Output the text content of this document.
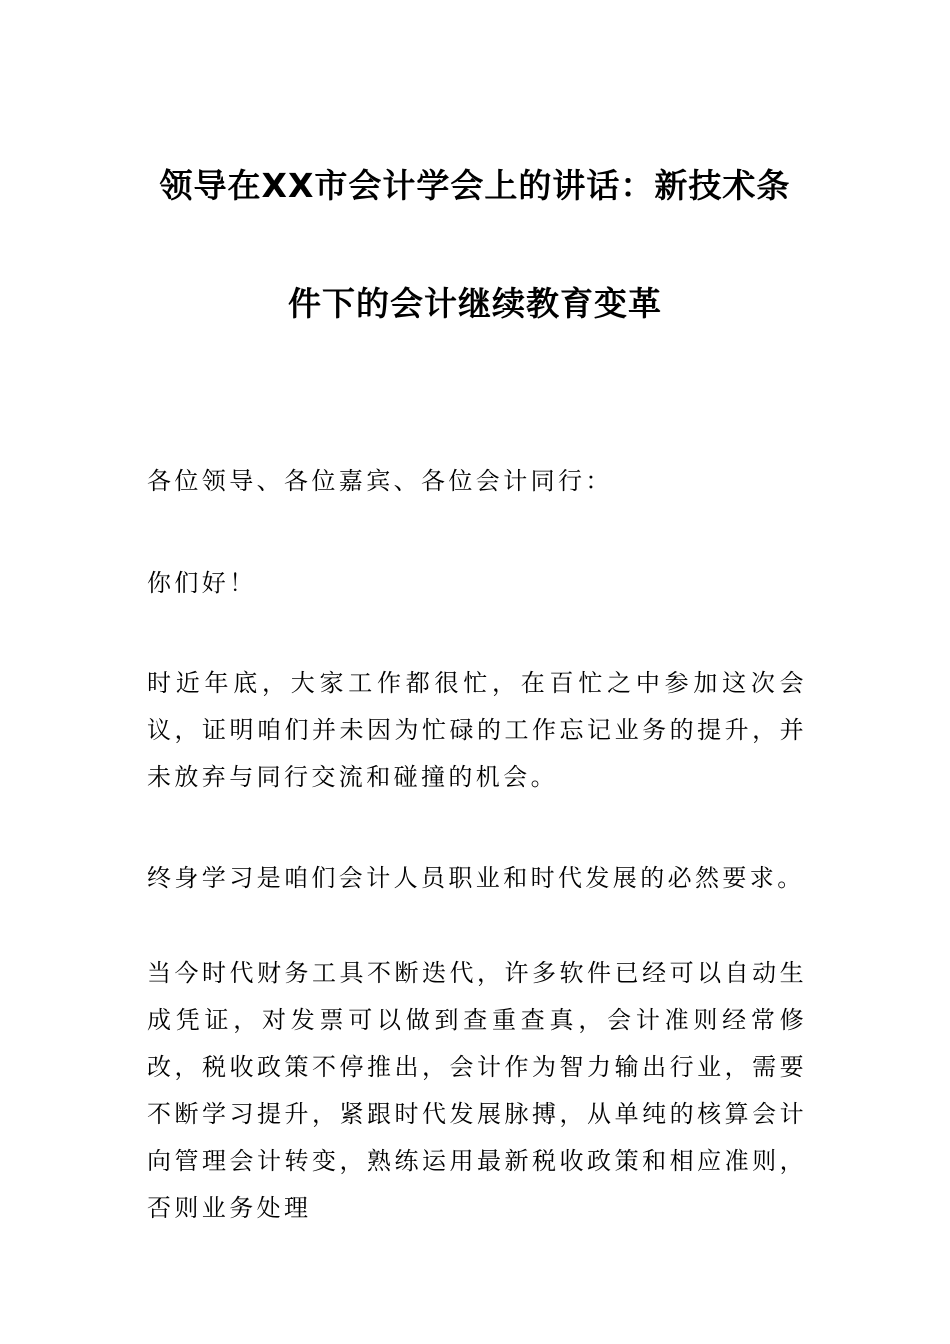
领导在XX市会计学会上的讲话：新技术条
件下的会计继续教育变革

各位领导、各位嘉宾、各位会计同行：

你们好！

时近年底，大家工作都很忙，在百忙之中参加这次会议，证明咱们并未因为忙碌的工作忘记业务的提升，并未放弃与同行交流和碰撞的机会。

终身学习是咱们会计人员职业和时代发展的必然要求。

当今时代财务工具不断迭代，许多软件已经可以自动生成凭证，对发票可以做到查重查真，会计准则经常修改，税收政策不停推出，会计作为智力输出行业，需要不断学习提升，紧跟时代发展脉搏，从单纯的核算会计向管理会计转变，熟练运用最新税收政策和相应准则，否则业务处理
